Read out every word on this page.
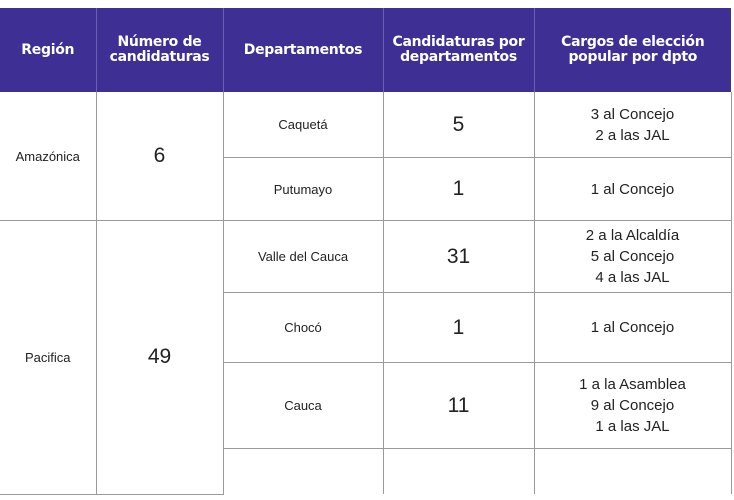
Región	Número de candidaturas	Departamentos	Candidaturas por departamentos	Cargos de elección popular por dpto
Amazónica	6	Caquetá	5	3 al Concejo
2 a las JAL

		Putumayo	1	1 al Concejo

Pacifica	49	Valle del Cauca	31	2 a la Alcaldía
5 al Concejo
4 a las JAL

		Chocó	1	1 al Concejo

		Cauca	11	1 a la Asamblea
9 al Concejo
1 a las JAL
